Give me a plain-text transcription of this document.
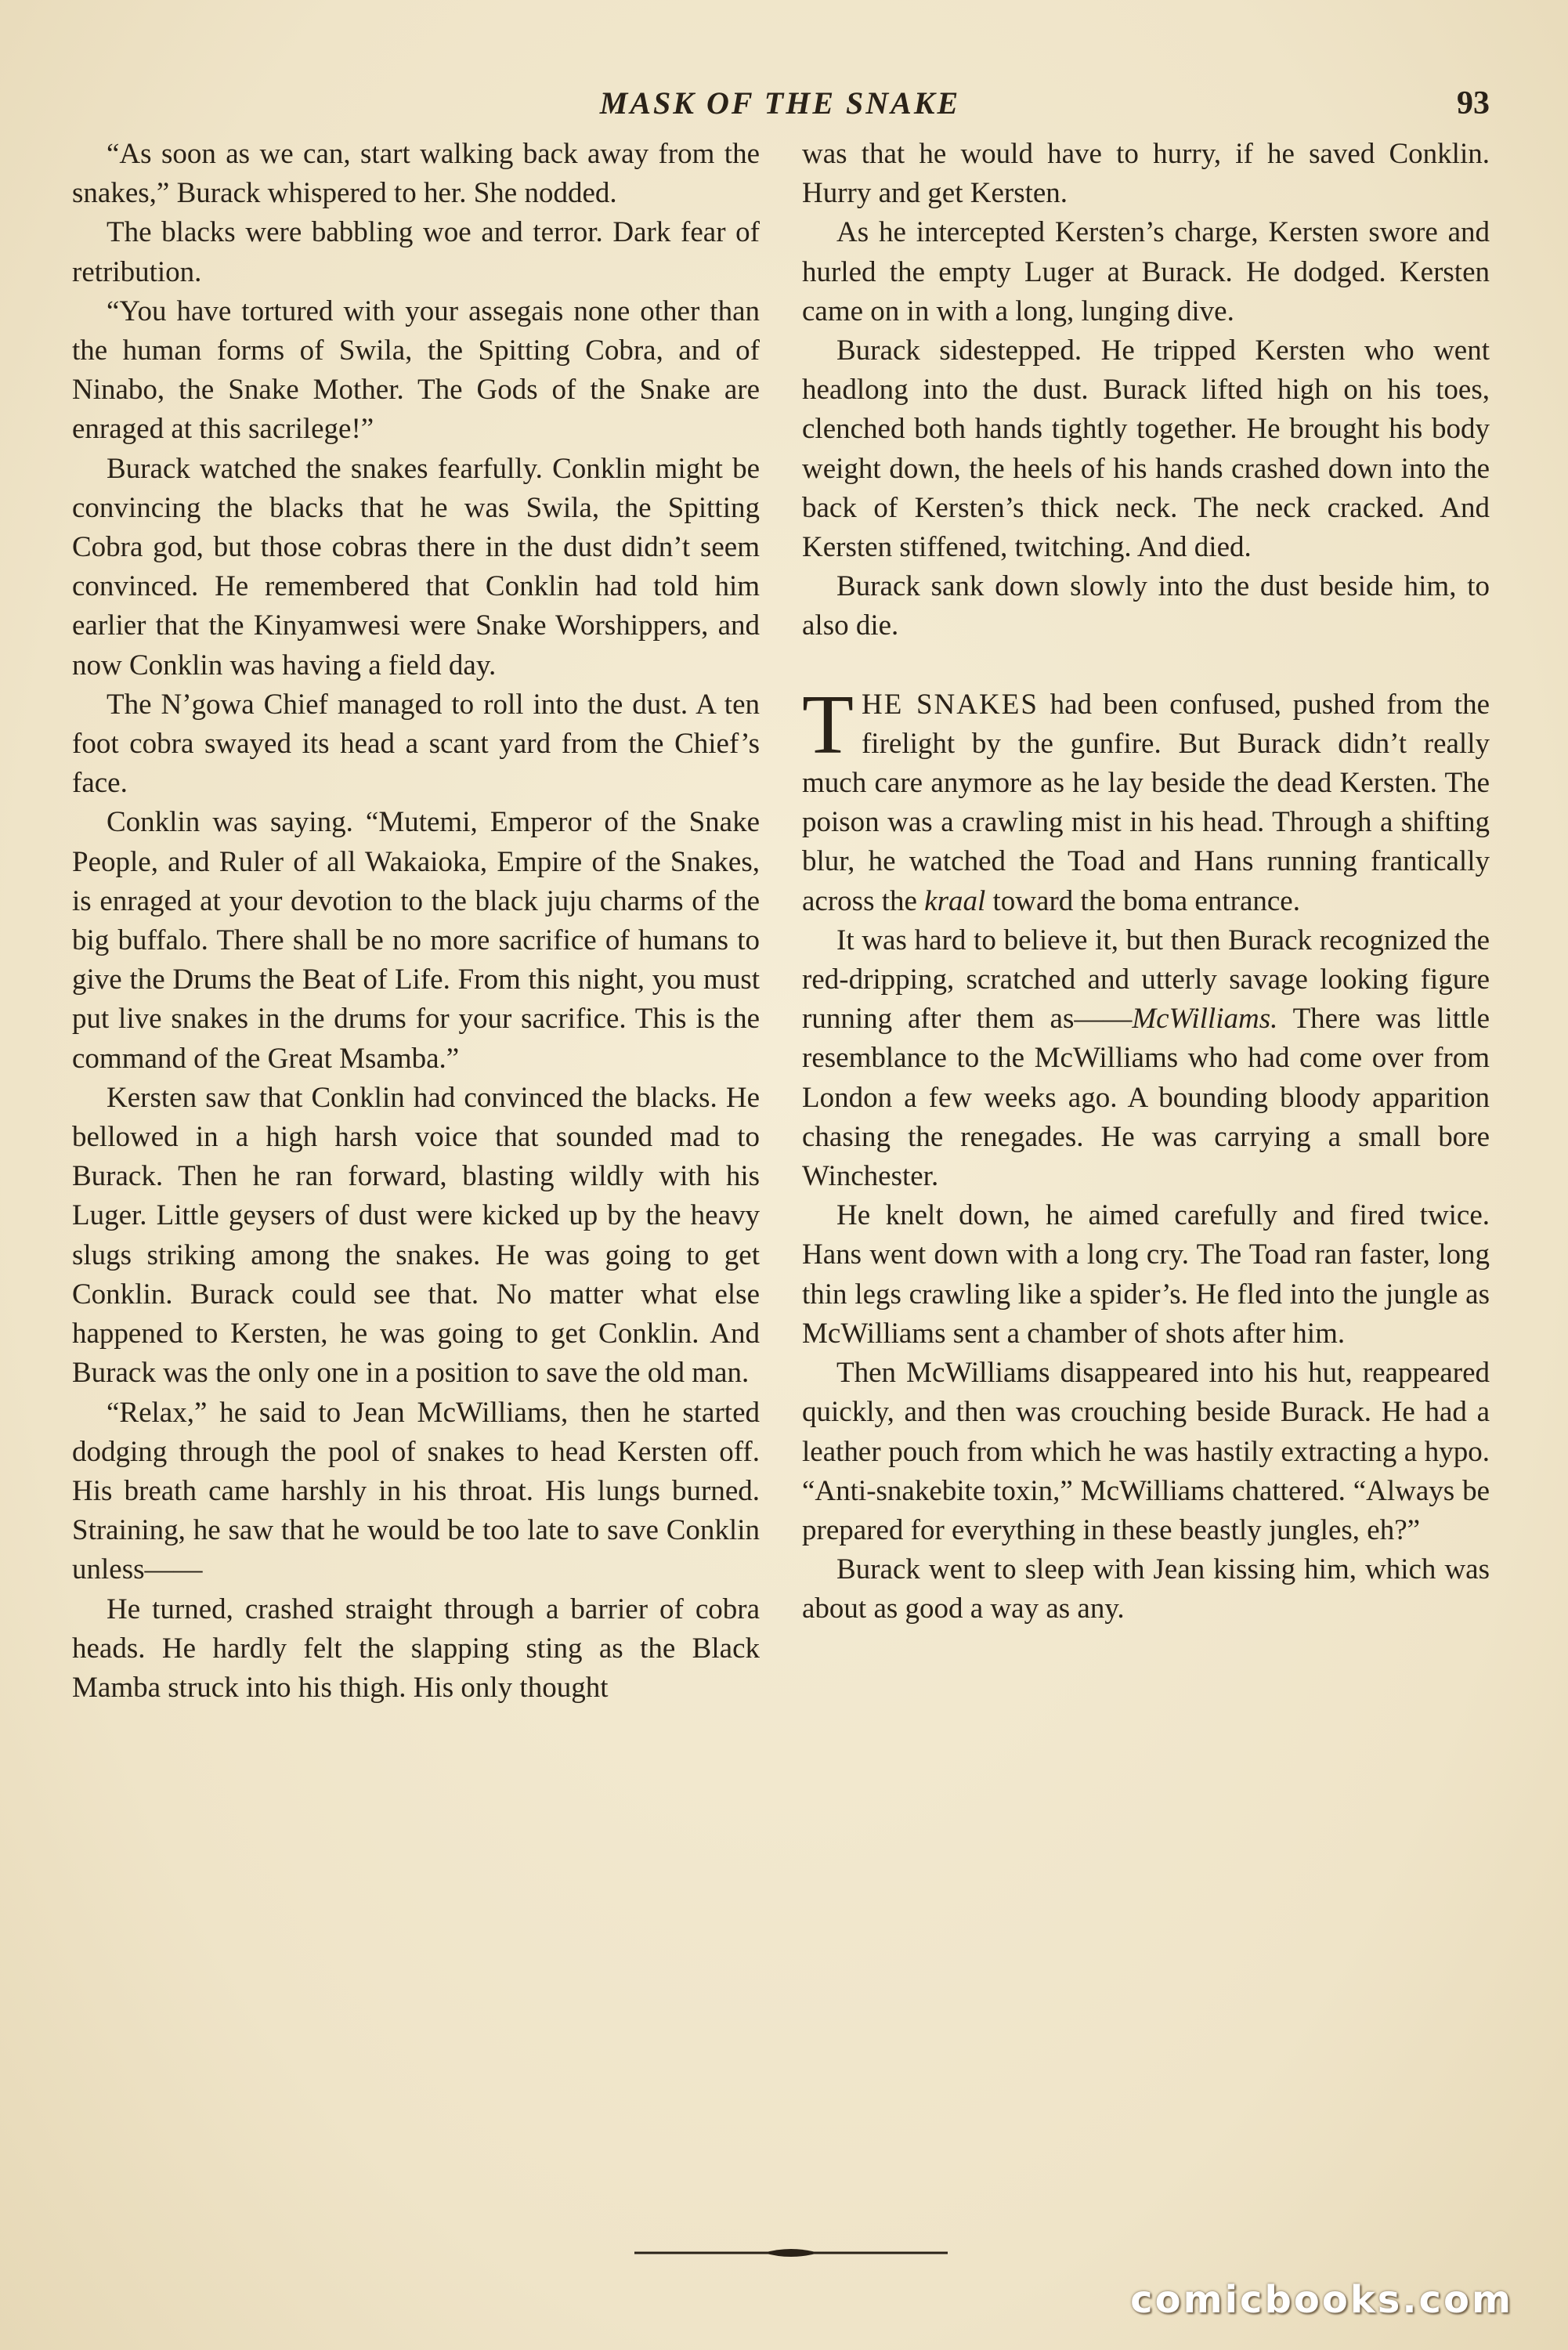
MASK OF THE SNAKE	93

“As soon as we can, start walking back away from the snakes,” Burack whispered to her. She nodded.

The blacks were babbling woe and terror. Dark fear of retribution.

“You have tortured with your assegais none other than the human forms of Swila, the Spitting Cobra, and of Ninabo, the Snake Mother. The Gods of the Snake are enraged at this sacrilege!”

Burack watched the snakes fearfully. Conklin might be convincing the blacks that he was Swila, the Spitting Cobra god, but those cobras there in the dust didn’t seem convinced. He remembered that Conklin had told him earlier that the Kinyamwesi were Snake Worshippers, and now Conklin was having a field day.

The N’gowa Chief managed to roll into the dust. A ten foot cobra swayed its head a scant yard from the Chief’s face.

Conklin was saying. “Mutemi, Emperor of the Snake People, and Ruler of all Wakaioka, Empire of the Snakes, is enraged at your devotion to the black juju charms of the big buffalo. There shall be no more sacrifice of humans to give the Drums the Beat of Life. From this night, you must put live snakes in the drums for your sacrifice. This is the command of the Great Msamba.”

Kersten saw that Conklin had convinced the blacks. He bellowed in a high harsh voice that sounded mad to Burack. Then he ran forward, blasting wildly with his Luger. Little geysers of dust were kicked up by the heavy slugs striking among the snakes. He was going to get Conklin. Burack could see that. No matter what else happened to Kersten, he was going to get Conklin. And Burack was the only one in a position to save the old man.

“Relax,” he said to Jean McWilliams, then he started dodging through the pool of snakes to head Kersten off. His breath came harshly in his throat. His lungs burned. Straining, he saw that he would be too late to save Conklin unless——

He turned, crashed straight through a barrier of cobra heads. He hardly felt the slapping sting as the Black Mamba struck into his thigh. His only thought

was that he would have to hurry, if he saved Conklin. Hurry and get Kersten.

As he intercepted Kersten’s charge, Kersten swore and hurled the empty Luger at Burack. He dodged. Kersten came on in with a long, lunging dive.

Burack sidestepped. He tripped Kersten who went headlong into the dust. Burack lifted high on his toes, clenched both hands tightly together. He brought his body weight down, the heels of his hands crashed down into the back of Kersten’s thick neck. The neck cracked. And Kersten stiffened, twitching. And died.

Burack sank down slowly into the dust beside him, to also die.

THE SNAKES had been confused, pushed from the firelight by the gunfire. But Burack didn’t really much care anymore as he lay beside the dead Kersten. The poison was a crawling mist in his head. Through a shifting blur, he watched the Toad and Hans running frantically across the kraal toward the boma entrance.

It was hard to believe it, but then Burack recognized the red-dripping, scratched and utterly savage looking figure running after them as——McWilliams. There was little resemblance to the McWilliams who had come over from London a few weeks ago. A bounding bloody apparition chasing the renegades. He was carrying a small bore Winchester.

He knelt down, he aimed carefully and fired twice. Hans went down with a long cry. The Toad ran faster, long thin legs crawling like a spider’s. He fled into the jungle as McWilliams sent a chamber of shots after him.

Then McWilliams disappeared into his hut, reappeared quickly, and then was crouching beside Burack. He had a leather pouch from which he was hastily extracting a hypo. “Anti-snakebite toxin,” McWilliams chattered. “Always be prepared for everything in these beastly jungles, eh?”

Burack went to sleep with Jean kissing him, which was about as good a way as any.

comicbooks.com
